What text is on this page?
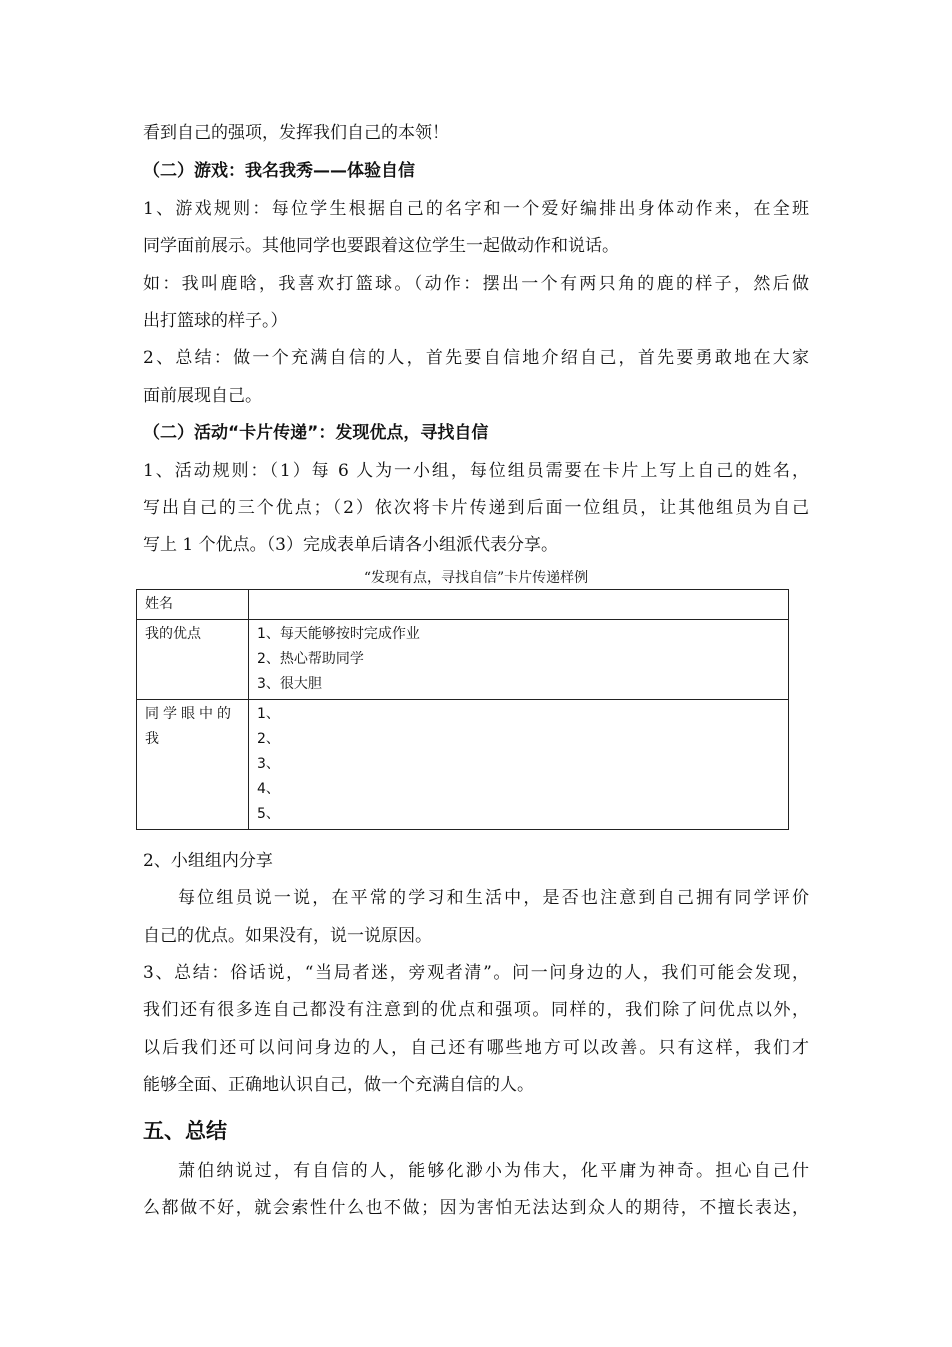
看到自己的强项，发挥我们自己的本领！
（二）游戏：我名我秀——体验自信
1、游戏规则：每位学生根据自己的名字和一个爱好编排出身体动作来，在全班
同学面前展示。其他同学也要跟着这位学生一起做动作和说话。
如：我叫鹿晗，我喜欢打篮球。（动作：摆出一个有两只角的鹿的样子，然后做
出打篮球的样子。）
2、总结：做一个充满自信的人，首先要自信地介绍自己，首先要勇敢地在大家
面前展现自己。
（二）活动“卡片传递”：发现优点，寻找自信
1、活动规则：（1）每 6 人为一小组，每位组员需要在卡片上写上自己的姓名，
写出自己的三个优点；（2）依次将卡片传递到后面一位组员，让其他组员为自己
写上 1 个优点。（3）完成表单后请各小组派代表分享。
“发现有点，寻找自信”卡片传递样例
姓名	
我的优点	1、每天能够按时完成作业
2、热心帮助同学
3、很大胆

同学眼中的我	1、
2、
3、
4、
5、
2、小组组内分享
每位组员说一说，在平常的学习和生活中，是否也注意到自己拥有同学评价
自己的优点。如果没有，说一说原因。
3、总结：俗话说，“当局者迷，旁观者清”。问一问身边的人，我们可能会发现，
我们还有很多连自己都没有注意到的优点和强项。同样的，我们除了问优点以外，
以后我们还可以问问身边的人，自己还有哪些地方可以改善。只有这样，我们才
能够全面、正确地认识自己，做一个充满自信的人。
五、总结
萧伯纳说过，有自信的人，能够化渺小为伟大，化平庸为神奇。担心自己什
么都做不好，就会索性什么也不做；因为害怕无法达到众人的期待，不擅长表达，
